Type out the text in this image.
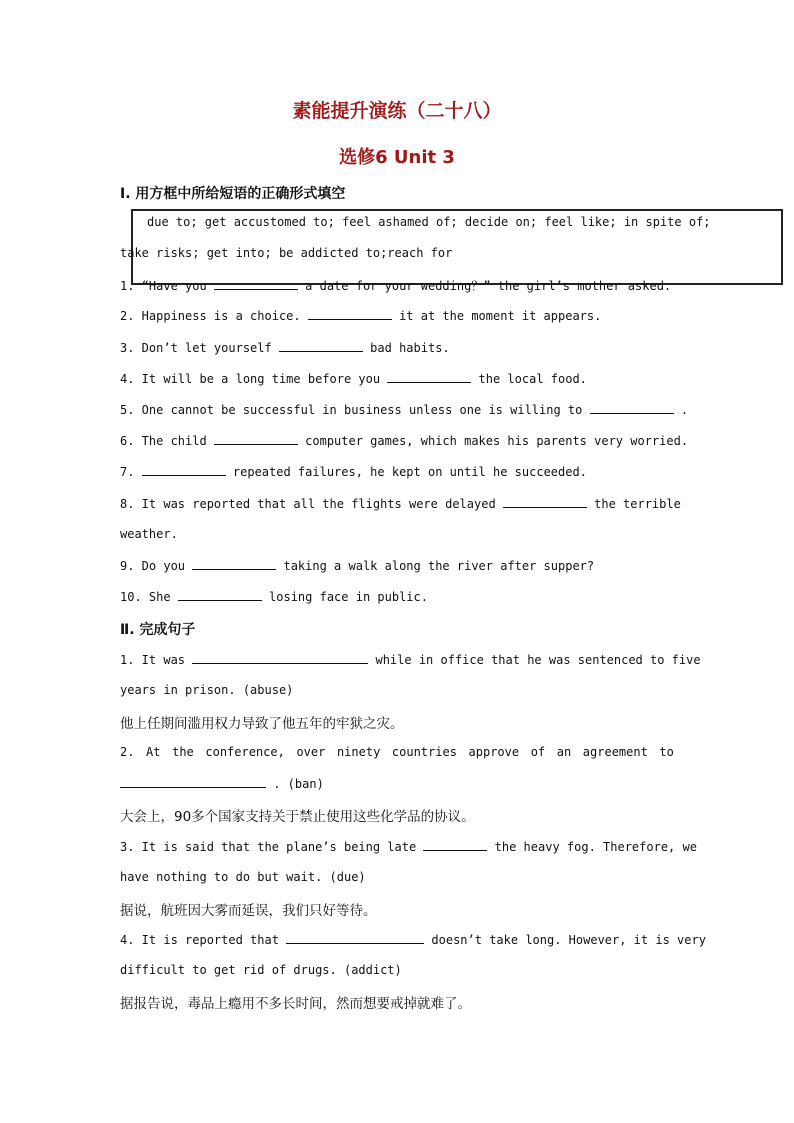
素能提升演练（二十八）
选修6 Unit 3
Ⅰ. 用方框中所给短语的正确形式填空
due to; get accustomed to; feel ashamed of; decide on; feel like; in spite of;
take risks; get into; be addicted to;reach for
1. “Have you	a date for your wedding？” the girl’s mother asked.
2. Happiness is a choice.	it at the moment it appears.
3. Don’t let yourself	bad habits.
4. It will be a long time before you	the local food.
5. One cannot be successful in business unless one is willing to	.
6. The child	computer games, which makes his parents very worried.
7.	repeated failures, he kept on until he succeeded.
8. It was reported that all the flights were delayed	the terrible
weather.
9. Do you	taking a walk along the river after supper?
10. She	losing face in public.
Ⅱ. 完成句子
1. It was	while in office that he was sentenced to five
years in prison. (abuse)
他上任期间滥用权力导致了他五年的牢狱之灾。
2. At the conference, over ninety countries approve of an agreement to
. (ban)
大会上，90多个国家支持关于禁止使用这些化学品的协议。
3. It is said that the plane’s being late	the heavy fog. Therefore, we
have nothing to do but wait. (due)
据说，航班因大雾而延误，我们只好等待。
4. It is reported that	doesn’t take long. However, it is very
difficult to get rid of drugs. (addict)
据报告说，毒品上瘾用不多长时间，然而想要戒掉就难了。
